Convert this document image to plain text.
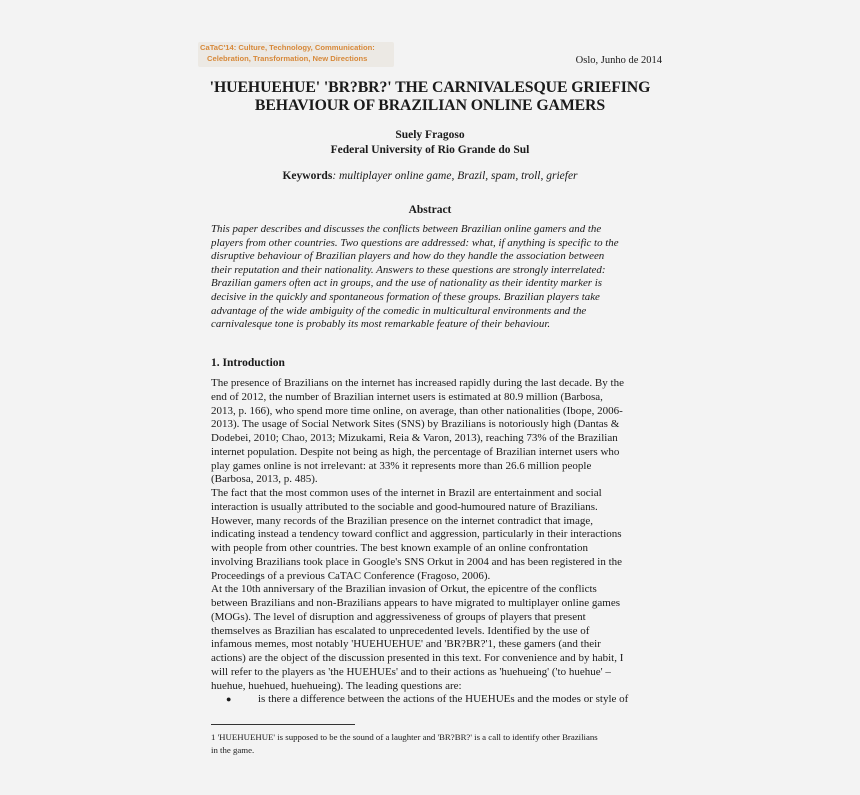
CaTaC'14: Culture, Technology, Communication:
Celebration, Transformation, New Directions	Oslo, Junho de 2014
'HUEHUEHUE' 'BR?BR?' THE CARNIVALESQUE GRIEFING
BEHAVIOUR OF BRAZILIAN ONLINE GAMERS
Suely Fragoso
Federal University of Rio Grande do Sul
Keywords: multiplayer online game, Brazil, spam, troll, griefer
Abstract
This paper describes and discusses the conflicts between Brazilian online gamers and the
players from other countries. Two questions are addressed: what, if anything is specific to the
disruptive behaviour of Brazilian players and how do they handle the association between
their reputation and their nationality. Answers to these questions are strongly interrelated:
Brazilian gamers often act in groups, and the use of nationality as their identity marker is
decisive in the quickly and spontaneous formation of these groups. Brazilian players take
advantage of the wide ambiguity of the comedic in multicultural environments and the
carnivalesque tone is probably its most remarkable feature of their behaviour.
1. Introduction
The presence of Brazilians on the internet has increased rapidly during the last decade. By the
end of 2012, the number of Brazilian internet users is estimated at 80.9 million (Barbosa,
2013, p. 166), who spend more time online, on average, than other nationalities (Ibope, 2006-
2013). The usage of Social Network Sites (SNS) by Brazilians is notoriously high (Dantas &
Dodebei, 2010; Chao, 2013; Mizukami, Reia & Varon, 2013), reaching 73% of the Brazilian
internet population. Despite not being as high, the percentage of Brazilian internet users who
play games online is not irrelevant: at 33% it represents more than 26.6 million people
(Barbosa, 2013, p. 485).
The fact that the most common uses of the internet in Brazil are entertainment and social
interaction is usually attributed to the sociable and good-humoured nature of Brazilians.
However, many records of the Brazilian presence on the internet contradict that image,
indicating instead a tendency toward conflict and aggression, particularly in their interactions
with people from other countries. The best known example of an online confrontation
involving Brazilians took place in Google's SNS Orkut in 2004 and has been registered in the
Proceedings of a previous CaTAC Conference (Fragoso, 2006).
At the 10th anniversary of the Brazilian invasion of Orkut, the epicentre of the conflicts
between Brazilians and non-Brazilians appears to have migrated to multiplayer online games
(MOGs). The level of disruption and aggressiveness of groups of players that present
themselves as Brazilian has escalated to unprecedented levels. Identified by the use of
infamous memes, most notably 'HUEHUEHUE' and 'BR?BR?'1, these gamers (and their
actions) are the object of the discussion presented in this text. For convenience and by habit, I
will refer to the players as 'the HUEHUEs' and to their actions as 'huehueing' ('to huehue' –
huehue, huehued, huehueing). The leading questions are:
● is there a difference between the actions of the HUEHUEs and the modes or style of
1 'HUEHUEHUE' is supposed to be the sound of a laughter and 'BR?BR?' is a call to identify other Brazilians
in the game.
